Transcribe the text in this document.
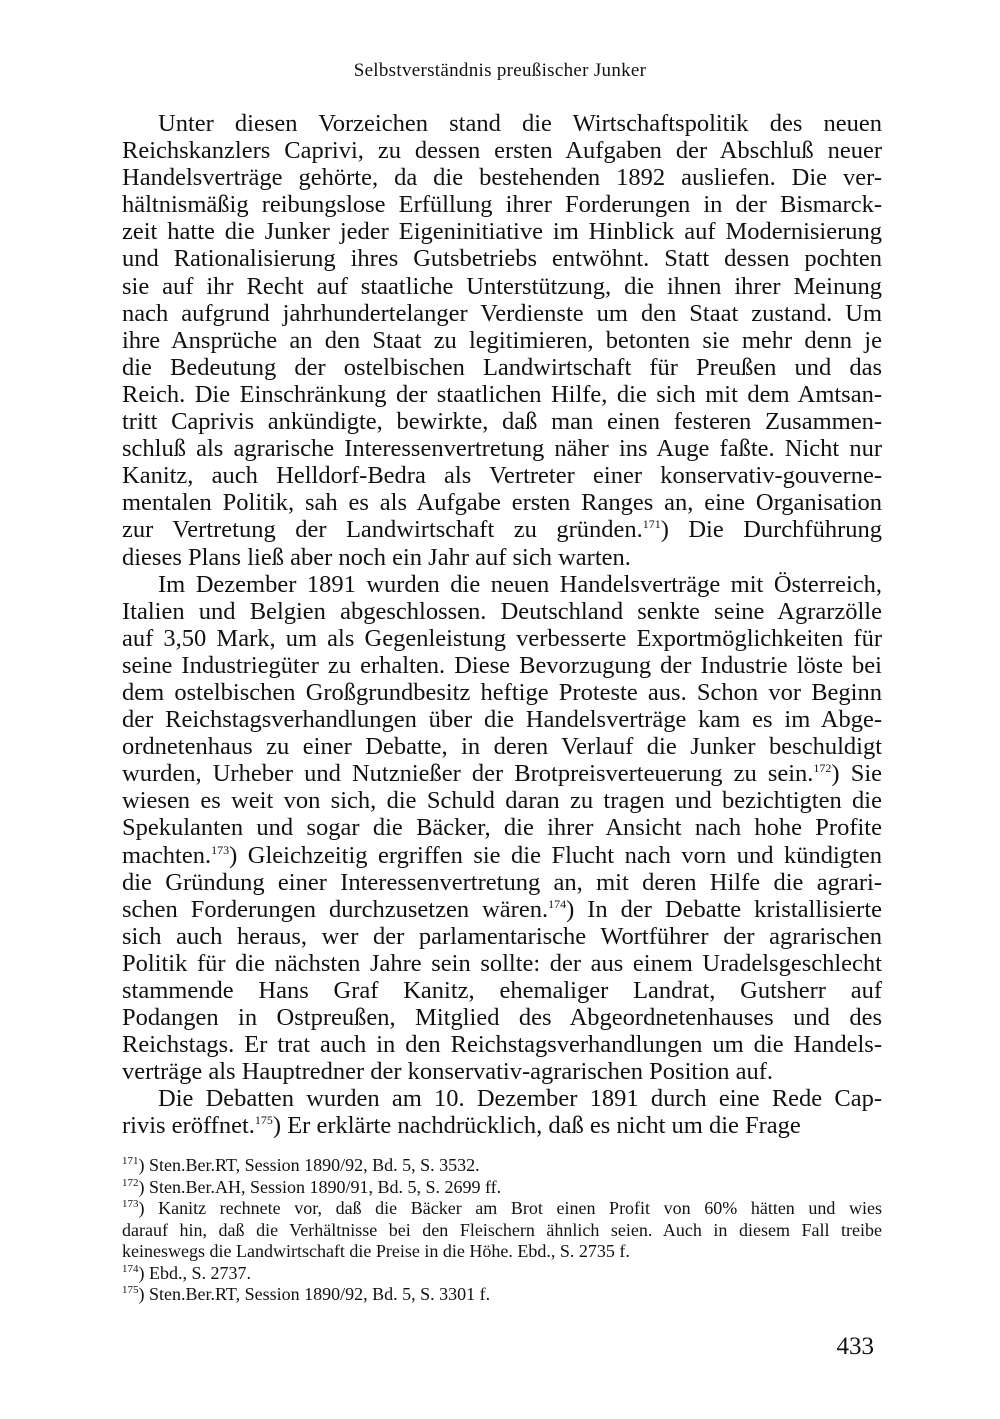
Selbstverständnis preußischer Junker
Unter diesen Vorzeichen stand die Wirtschaftspolitik des neuen
Reichskanzlers Caprivi, zu dessen ersten Aufgaben der Abschluß neuer
Handelsverträge gehörte, da die bestehenden 1892 ausliefen. Die ver-
hältnismäßig reibungslose Erfüllung ihrer Forderungen in der Bismarck-
zeit hatte die Junker jeder Eigeninitiative im Hinblick auf Modernisierung
und Rationalisierung ihres Gutsbetriebs entwöhnt. Statt dessen pochten
sie auf ihr Recht auf staatliche Unterstützung, die ihnen ihrer Meinung
nach aufgrund jahrhundertelanger Verdienste um den Staat zustand. Um
ihre Ansprüche an den Staat zu legitimieren, betonten sie mehr denn je
die Bedeutung der ostelbischen Landwirtschaft für Preußen und das
Reich. Die Einschränkung der staatlichen Hilfe, die sich mit dem Amtsan-
tritt Caprivis ankündigte, bewirkte, daß man einen festeren Zusammen-
schluß als agrarische Interessenvertretung näher ins Auge faßte. Nicht nur
Kanitz, auch Helldorf-Bedra als Vertreter einer konservativ-gouverne-
mentalen Politik, sah es als Aufgabe ersten Ranges an, eine Organisation
zur Vertretung der Landwirtschaft zu gründen.$^{171}$) Die Durchführung
dieses Plans ließ aber noch ein Jahr auf sich warten.
Im Dezember 1891 wurden die neuen Handelsverträge mit Österreich,
Italien und Belgien abgeschlossen. Deutschland senkte seine Agrarzölle
auf 3,50 Mark, um als Gegenleistung verbesserte Exportmöglichkeiten für
seine Industriegüter zu erhalten. Diese Bevorzugung der Industrie löste bei
dem ostelbischen Großgrundbesitz heftige Proteste aus. Schon vor Beginn
der Reichstagsverhandlungen über die Handelsverträge kam es im Abge-
ordnetenhaus zu einer Debatte, in deren Verlauf die Junker beschuldigt
wurden, Urheber und Nutznießer der Brotpreisverteuerung zu sein.$^{172}$) Sie
wiesen es weit von sich, die Schuld daran zu tragen und bezichtigten die
Spekulanten und sogar die Bäcker, die ihrer Ansicht nach hohe Profite
machten.$^{173}$) Gleichzeitig ergriffen sie die Flucht nach vorn und kündigten
die Gründung einer Interessenvertretung an, mit deren Hilfe die agrari-
schen Forderungen durchzusetzen wären.$^{174}$) In der Debatte kristallisierte
sich auch heraus, wer der parlamentarische Wortführer der agrarischen
Politik für die nächsten Jahre sein sollte: der aus einem Uradelsgeschlecht
stammende Hans Graf Kanitz, ehemaliger Landrat, Gutsherr auf
Podangen in Ostpreußen, Mitglied des Abgeordnetenhauses und des
Reichstags. Er trat auch in den Reichstagsverhandlungen um die Handels-
verträge als Hauptredner der konservativ-agrarischen Position auf.
Die Debatten wurden am 10. Dezember 1891 durch eine Rede Cap-
rivis eröffnet.$^{175}$) Er erklärte nachdrücklich, daß es nicht um die Frage
$^{171}$) Sten.Ber.RT, Session 1890/92, Bd. 5, S. 3532.
$^{172}$) Sten.Ber.AH, Session 1890/91, Bd. 5, S. 2699 ff.
$^{173}$) Kanitz rechnete vor, daß die Bäcker am Brot einen Profit von 60% hätten und wies
darauf hin, daß die Verhältnisse bei den Fleischern ähnlich seien. Auch in diesem Fall treibe
keineswegs die Landwirtschaft die Preise in die Höhe. Ebd., S. 2735 f.
$^{174}$) Ebd., S. 2737.
$^{175}$) Sten.Ber.RT, Session 1890/92, Bd. 5, S. 3301 f.
433
